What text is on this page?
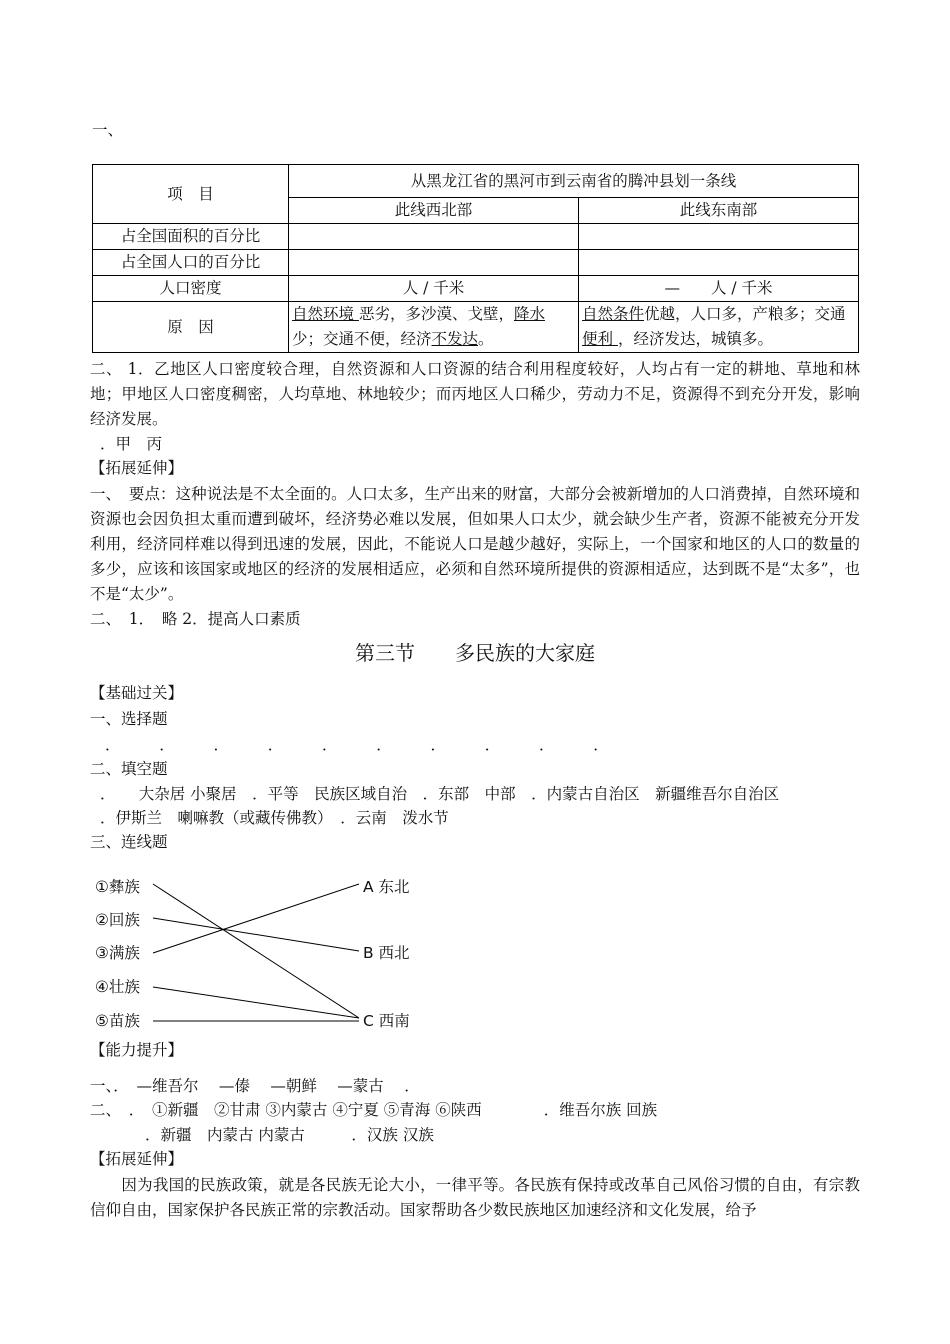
一、
项　目	从黑龙江省的黑河市到云南省的腾冲县划一条线	
	此线西北部	此线东南部
占全国面积的百分比		
占全国人口的百分比		
人口密度	人 / 千米	—　　人 / 千米
原　因	自然环境 恶劣，多沙漠、戈壁，降水少；交通不便，经济不发达。	自然条件优越，人口多，产粮多；交通便利 ，经济发达，城镇多。
二、 1．乙地区人口密度较合理，自然资源和人口资源的结合利用程度较好，人均占有一定的耕地、草地和林地；甲地区人口密度稠密，人均草地、林地较少；而丙地区人口稀少，劳动力不足，资源得不到充分开发，影响经济发展。
．甲　丙
【拓展延伸】
一、　要点：这种说法是不太全面的。人口太多，生产出来的财富，大部分会被新增加的人口消费掉，自然环境和资源也会因负担太重而遭到破坏，经济势必难以发展，但如果人口太少，就会缺少生产者，资源不能被充分开发利用，经济同样难以得到迅速的发展，因此，不能说人口是越少越好，实际上，一个国家和地区的人口的数量的多少，应该和该国家或地区的经济的发展相适应，必须和自然环境所提供的资源相适应，达到既不是“太多”，也不是“太少”。
二、　1．　略 2．提高人口素质
第三节 多民族的大家庭
【基础过关】
一、选择题
．　　　．　　　．　　　．　　　．　　　．　　　．　　　．　　　．　　　．
二、填空题
．　　大杂居 小聚居　．平等　民族区域自治　．东部　中部　．内蒙古自治区　新疆维吾尔自治区
．伊斯兰　喇嘛教（或藏传佛教）　．云南　泼水节
三、连线题
①彝族
②回族
③满族
④壮族
⑤苗族
A 东北
B 西北
C 西南
【能力提升】
一、．　—维吾尔　 —傣　 —朝鲜　 —蒙古　 ．
二、　．　①新疆　②甘肃 ③内蒙古 ④宁夏 ⑤青海 ⑥陕西　　　　．维吾尔族 回族
．新疆　内蒙古 内蒙古　　　．汉族 汉族
【拓展延伸】
　　因为我国的民族政策，就是各民族无论大小，一律平等。各民族有保持或改革自己风俗习惯的自由，有宗教信仰自由，国家保护各民族正常的宗教活动。国家帮助各少数民族地区加速经济和文化发展，给予
